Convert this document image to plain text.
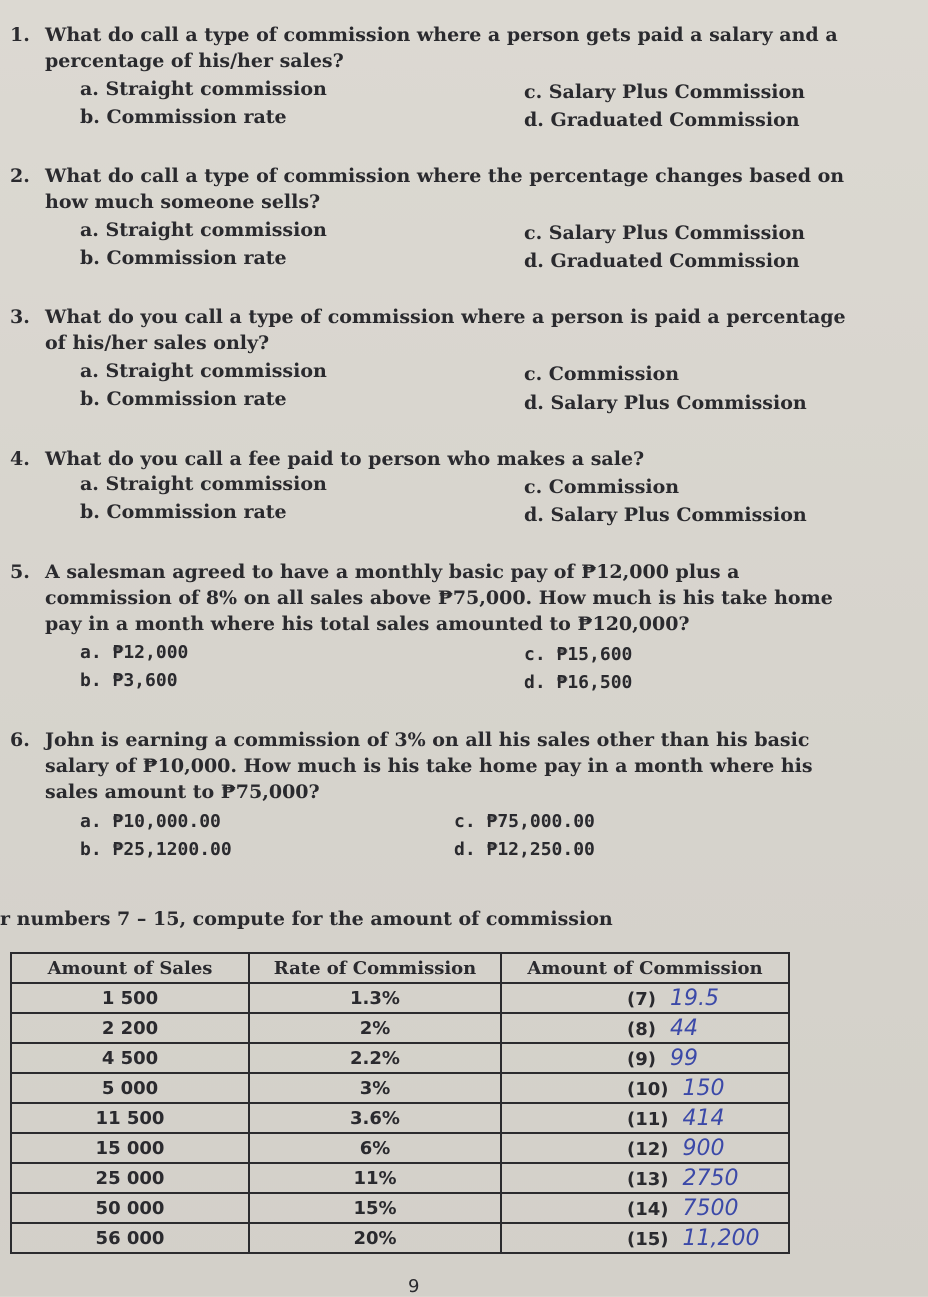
1. What do call a type of commission where a person gets paid a salary and a percentage of his/her sales?
a. Straight commission
b. Commission rate
c. Salary Plus Commission
d. Graduated Commission
2. What do call a type of commission where the percentage changes based on how much someone sells?
a. Straight commission
b. Commission rate
c. Salary Plus Commission
d. Graduated Commission
3. What do you call a type of commission where a person is paid a percentage of his/her sales only?
a. Straight commission
b. Commission rate
c. Commission
d. Salary Plus Commission
4. What do you call a fee paid to person who makes a sale?
a. Straight commission
b. Commission rate
c. Commission
d. Salary Plus Commission
5. A salesman agreed to have a monthly basic pay of ₱12,000 plus a commission of 8% on all sales above ₱75,000. How much is his take home pay in a month where his total sales amounted to ₱120,000?
a. ₱12,000
b. ₱3,600
c. ₱15,600
d. ₱16,500
6. John is earning a commission of 3% on all his sales other than his basic salary of ₱10,000. How much is his take home pay in a month where his sales amount to ₱75,000?
a. ₱10,000.00
b. ₱25,1200.00
c. ₱75,000.00
d. ₱12,250.00
r numbers 7 – 15, compute for the amount of commission
Amount of Sales	Rate of Commission	Amount of Commission
1 500	1.3%	(7) 19.5
2 200	2%	(8) 44
4 500	2.2%	(9) 99
5 000	3%	(10) 150
11 500	3.6%	(11) 414
15 000	6%	(12) 900
25 000	11%	(13) 2750
50 000	15%	(14) 7500
56 000	20%	(15) 11,200
9
